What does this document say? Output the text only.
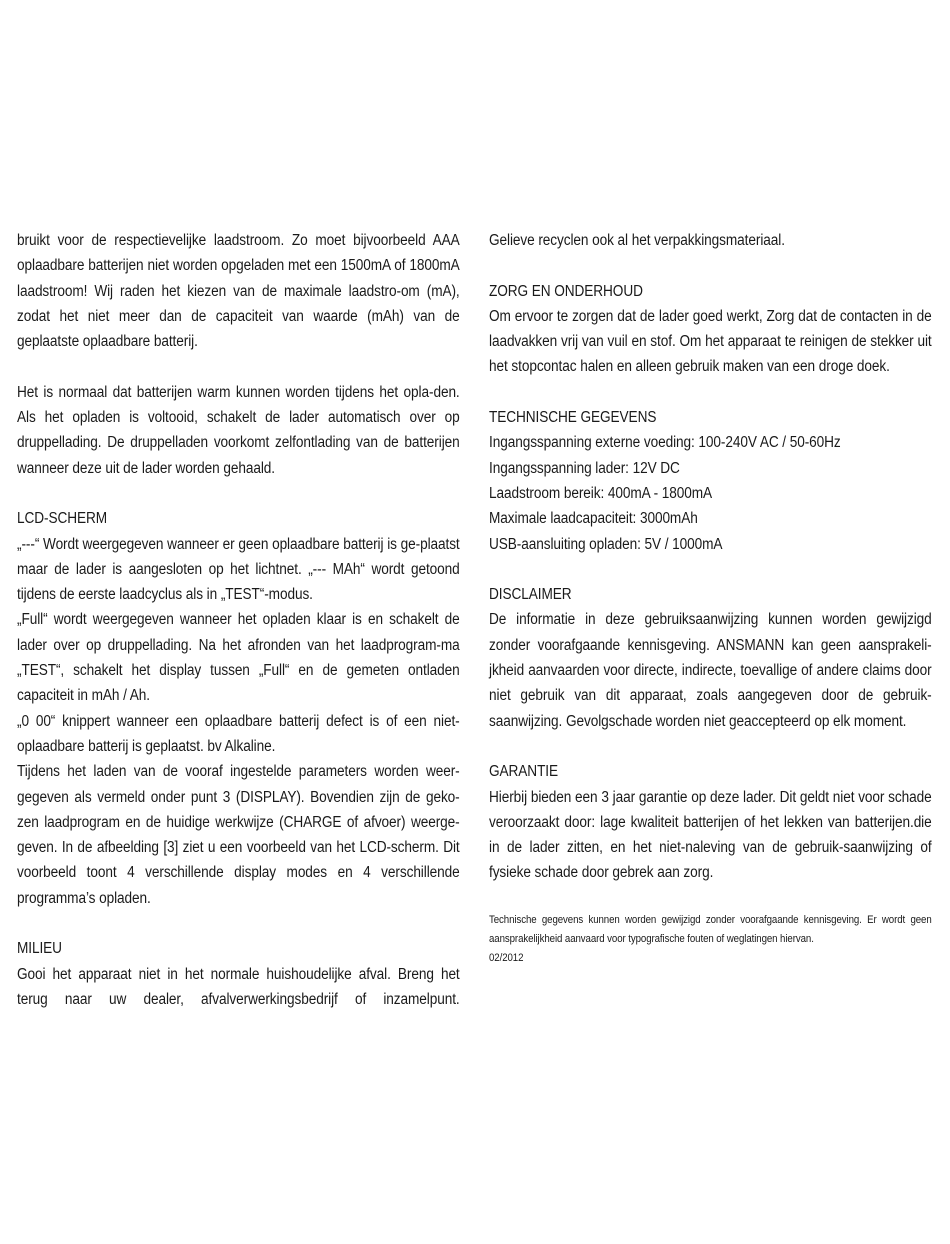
bruikt voor de respectievelijke laadstroom. Zo moet bijvoorbeeld AAA oplaadbare batterijen niet worden opgeladen met een 1500mA of 1800mA laadstroom! Wij raden het kiezen van de maximale laadstro-om (mA), zodat het niet meer dan de capaciteit van waarde (mAh) van de geplaatste oplaadbare batterij.

Het is normaal dat batterijen warm kunnen worden tijdens het opla-den. Als het opladen is voltooid, schakelt de lader automatisch over op druppellading. De druppelladen voorkomt zelfontlading van de batterijen wanneer deze uit de lader worden gehaald.

LCD-SCHERM

„---“ Wordt weergegeven wanneer er geen oplaadbare batterij is ge-plaatst maar de lader is aangesloten op het lichtnet. „--- MAh“ wordt getoond tijdens de eerste laadcyclus als in „TEST“-modus.

„Full“ wordt weergegeven wanneer het opladen klaar is en schakelt de lader over op druppellading. Na het afronden van het laadprogram-ma „TEST“, schakelt het display tussen „Full“ en de gemeten ontladen capaciteit in mAh / Ah.

„0 00“ knippert wanneer een oplaadbare batterij defect is of een niet-oplaadbare batterij is geplaatst. bv Alkaline.

Tijdens het laden van de vooraf ingestelde parameters worden weer-gegeven als vermeld onder punt 3 (DISPLAY). Bovendien zijn de geko-zen laadprogram en de huidige werkwijze (CHARGE of afvoer) weerge-geven. In de afbeelding [3] ziet u een voorbeeld van het LCD-scherm. Dit voorbeeld toont 4 verschillende display modes en 4 verschillende programma’s opladen.

MILIEU

Gooi het apparaat niet in het normale huishoudelijke afval. Breng het terug naar uw dealer, afvalverwerkingsbedrijf of inzamelpunt.

Gelieve recyclen ook al het verpakkingsmateriaal.

ZORG EN ONDERHOUD

Om ervoor te zorgen dat de lader goed werkt, Zorg dat de contacten in de laadvakken vrij van vuil en stof. Om het apparaat te reinigen de stekker uit het stopcontac halen en alleen gebruik maken van een droge doek.

TECHNISCHE GEGEVENS

Ingangsspanning externe voeding: 100-240V AC / 50-60Hz

Ingangsspanning lader: 12V DC

Laadstroom bereik: 400mA - 1800mA

Maximale laadcapaciteit: 3000mAh

USB-aansluiting opladen: 5V / 1000mA

DISCLAIMER

De informatie in deze gebruiksaanwijzing kunnen worden gewijzigd zonder voorafgaande kennisgeving. ANSMANN kan geen aansprakeli-jkheid aanvaarden voor directe, indirecte, toevallige of andere claims door niet gebruik van dit apparaat, zoals aangegeven door de gebruik-saanwijzing. Gevolgschade worden niet geaccepteerd op elk moment.

GARANTIE

Hierbij bieden een 3 jaar garantie op deze lader. Dit geldt niet voor schade veroorzaakt door: lage kwaliteit batterijen of het lekken van batterijen.die in de lader zitten, en het niet-naleving van de gebruik-saanwijzing of fysieke schade door gebrek aan zorg.

Technische gegevens kunnen worden gewijzigd zonder voorafgaande kennisgeving. Er wordt geen aansprakelijkheid aanvaard voor typografische fouten of weglatingen hiervan.

02/2012
